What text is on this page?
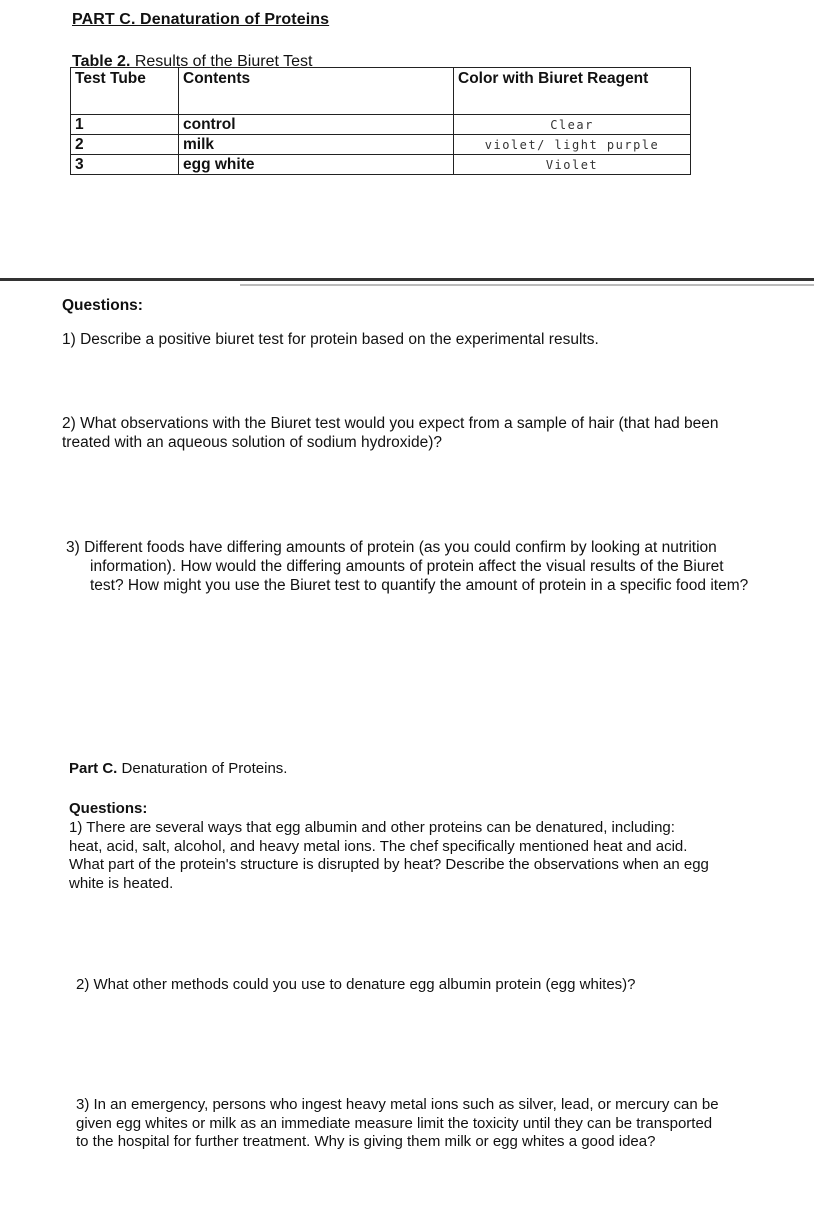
PART C. Denaturation of Proteins
Table 2. Results of the Biuret Test
Test Tube	Contents	Color with Biuret Reagent
1	control	Clear
2	milk	violet/ light purple
3	egg white	Violet
Questions:
1) Describe a positive biuret test for protein based on the experimental results.
2) What observations with the Biuret test would you expect from a sample of hair (that had been treated with an aqueous solution of sodium hydroxide)?
3) Different foods have differing amounts of protein (as you could confirm by looking at nutrition information). How would the differing amounts of protein affect the visual results of the Biuret test? How might you use the Biuret test to quantify the amount of protein in a specific food item?
Part C. Denaturation of Proteins.
Questions:
1) There are several ways that egg albumin and other proteins can be denatured, including: heat, acid, salt, alcohol, and heavy metal ions. The chef specifically mentioned heat and acid. What part of the protein's structure is disrupted by heat? Describe the observations when an egg white is heated.
2) What other methods could you use to denature egg albumin protein (egg whites)?
3) In an emergency, persons who ingest heavy metal ions such as silver, lead, or mercury can be given egg whites or milk as an immediate measure limit the toxicity until they can be transported to the hospital for further treatment. Why is giving them milk or egg whites a good idea?
